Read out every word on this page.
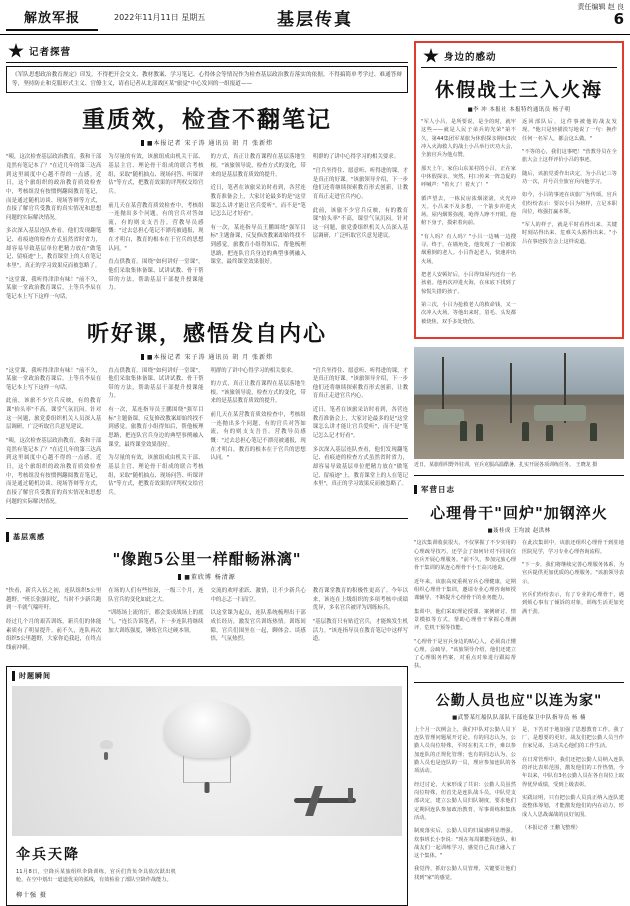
解放军报	2022年11月11日 星期五	基层传真
责任编辑 赵 良
6
记者探营
《军队思想政治教育规定》印发，不得把开会交文、教材教案、学习笔记、心得体会等情况作为检查基层政治教育落实的依据。不得搞简单考学过、难通答辩等，坚持防止和克服形式主义、官僚主义，请看记者从北部战区某"旅觉"中心发回的一组报道——
重质效，检查不翻笔记
■本报记者 宋子涛 通讯员 胡 月 张新炜

"咦，这次检查基层政治教育，我和干部竟然有笔记本了？"在近几年的第三达高到这里属度中心越不得的一点感。近日，这个旅组织的政治教育质效检查中，考核组没有按惯例翻阅教育笔记，而是通过随机访谈、现场答辩等方式，直接了解官兵受教育的真实情况和思想问题的实际解决情况。

多次深入基层连队查看，他们发现翻笔记、看痕迹的检查方式虽然省时省力，却容易导致基层单位把精力放在"做笔记、留痕迹"上，教育课堂上的人在笔记本里"，真正的学习效果反而被忽略了。

"这堂课，我听得津津有味！"前不久，某旅一堂政治教育课后，上等兵李辰在笔记本上写下这样一句话。

为尽量的有效，该旅组成由机关干部、基层主官、理论骨干组成的联合考核组，采取"随机抽点、现场问答、听课评估"等方式，把教育效果的评判权交给官兵。

前几天在某营教育质效检查中，考核组一连抛出多个问题，有的官兵对答如流，有的则支支吾吾。营教导员感慨："过去总担心笔记不漂亮被通报，现在才明白，教育的根本在于官兵的思想认同。"

直点供教育。围绕"如何讲好一堂课"，他们采取集体备课、试讲试教、骨干帮带的方法，帮助基层干部提升授课能力。

的方式，真正让教育课程在基层落地生根。"该旅领导说，检查方式的变化，带来的是基层教育质效的提升。

近日，笔者在该旅采访时看到，各营连教育准备会上，大家讨论最多的是"这堂课怎么讲才能让官兵爱听"，而不是"笔记怎么记才好看"。

有一次，某连指导员王鹏围绕"强军目标"主题备课，反复修改教案却始终找不到感觉。旅教育小组得知后，帮他梳理思路，把连队官兵身边的典型事例融入课堂，最终课堂效果很好。

明群的了讲中心得学习的相关要求。

"官兵坐得住、愿意听、听得进的课，才是真正的好课。"该旅领导介绍，下一步他们还将继续探索教育形式创新，让教育真正走进官兵内心。

此前，该旅不少官兵反映，有的教育课"抬头率"不高，课堂气氛沉闷。针对这一问题，旅党委组织机关人员深入基层调研，广泛听取官兵意见建议。

听好课，感悟发自内心
■本报记者 宋子涛 通讯员 胡 月 张新炜

"这堂课，我听得津津有味！"前不久，某旅一堂政治教育课后，上等兵李辰在笔记本上写下这样一句话。

此前，该旅不少官兵反映，有的教育课"抬头率"不高，课堂气氛沉闷。针对这一问题，旅党委组织机关人员深入基层调研，广泛听取官兵意见建议。

"咦，这次检查基层政治教育，我和干部竟然有笔记本了？"在近几年的第三达高到这里属度中心越不得的一点感。近日，这个旅组织的政治教育质效检查中，考核组没有按惯例翻阅教育笔记，而是通过随机访谈、现场答辩等方式，直接了解官兵受教育的真实情况和思想问题的实际解决情况。

直点供教育。围绕"如何讲好一堂课"，他们采取集体备课、试讲试教、骨干帮带的方法，帮助基层干部提升授课能力。

有一次，某连指导员王鹏围绕"强军目标"主题备课，反复修改教案却始终找不到感觉。旅教育小组得知后，帮他梳理思路，把连队官兵身边的典型事例融入课堂，最终课堂效果很好。

为尽量的有效，该旅组成由机关干部、基层主官、理论骨干组成的联合考核组，采取"随机抽点、现场问答、听课评估"等方式，把教育效果的评判权交给官兵。

明群的了讲中心得学习的相关要求。

的方式，真正让教育课程在基层落地生根。"该旅领导说，检查方式的变化，带来的是基层教育质效的提升。

前几天在某营教育质效检查中，考核组一连抛出多个问题，有的官兵对答如流，有的则支支吾吾。营教导员感慨："过去总担心笔记不漂亮被通报，现在才明白，教育的根本在于官兵的思想认同。"

"官兵坐得住、愿意听、听得进的课，才是真正的好课。"该旅领导介绍，下一步他们还将继续探索教育形式创新，让教育真正走进官兵内心。

近日，笔者在该旅采访时看到，各营连教育准备会上，大家讨论最多的是"这堂课怎么讲才能让官兵爱听"，而不是"笔记怎么记才好看"。

多次深入基层连队查看，他们发现翻笔记、看痕迹的检查方式虽然省时省力，却容易导致基层单位把精力放在"做笔记、留痕迹"上，教育课堂上的人在笔记本里"，真正的学习效果反而被忽略了。

基层观感
"像跑5公里一样酣畅淋漓"
■董欣博 杨清源

"快看，新兵入伍之初，连队组织5公里越野。"班长张强回忆，当时不少新兵跑到一半就气喘吁吁。

经过几个月的艰苦训练，新兵们的体能素质有了明显提升。前不久，连队再次组织5公里越野，大家你追我赶，在终点线前冲刺。

在场的人们有些惊讶，一级三个月，连队官兵的变化如此之大。

"训练场上流的汗，都会变成战场上的底气。"连长告诉笔者，下一步连队将继续加大训练强度，锤炼官兵过硬本领。

交流的欢呼雀跃、激情，让不少新兵心中的忐忑一扫而空。

以这堂课为起点，连队系统梳理出干部成长经历，激发官兵训练热情。训练间隙，官兵们围坐在一起，聊体会、谈感悟，气氛热烈。

教育课堂教育的积极性更高了。今年以来，该连在上级组织的多项考核中成绩优异，多名官兵被评为训练标兵。

"基层教育只有贴近官兵，才能焕发生机活力。"该连指导员在教育笔记中这样写道。

时题瞬间
伞兵天降
11月8日，空降兵某旅组织伞降训练，官兵们背负伞具依次跃出机舱，在空中划出一道道优美的弧线，有效检验了部队空降作战能力。
柳十强 摄
身边的感动
休假战士三入火海
■李 冲 本报社 本报特约通讯员 杨子明

"军人小吕，是所要说，是全的时，就牢这些——就是人民子弟兵的光荣"第不久，第44集团军某旅为休假探亲期间3次冲入火海救人的战士小吕举行庆功大会，全旅官兵为他点赞。

那天上午，家住山东某村的小吕，正在家中休假探亲。突然，村口传来一阵急促的呼喊声："着火了！着火了！"

循声望去，一栋民房浓烟滚滚，火光冲天。小吕来不及多想，一个箭步冲进火场。屋内烟雾弥漫，呛得人睁不开眼。他俯下身子，摸索着向前。

"有人吗？有人吗？"小吕一边喊一边搜寻。终于，在墙角处，他发现了一位被浓烟熏倒的老人。小吕背起老人，快速冲出火场。

把老人安顿好后，小吕得知屋内还有一名孩童。他再次冲进火海，在床底下找到了惊慌失措的孩子。

第三次，小吕为抢救老人的救命钱，又一次冲入火场。等他出来时，眉毛、头发都被烧焦，双手多处烧伤。

返回部队后，这件事被他的战友发现。"他只是轻描淡写地说了一句：换作任何一名军人，都会这么做。"

"不等的心，我们这事吧！"营教导员在全旅大会上这样评价小吕的事迹。

随后，该旅党委作出决定，为小吕记三等功一次，并号召全旅官兵向他学习。

如今，小吕的事迹在该旅广为传颂。官兵们纷纷表示：要以小吕为榜样，立足本职岗位，练强打赢本领。

"军人的样子，就是平时看得出来、关键时刻站得出来、危难关头豁得出来。"小吕在事迹报告会上这样说道。

近日，某旅组织野外驻训，官兵克服高温酷暑，扎实开展各项训练任务。 王晓龙 摄
军营日志
心理骨干"回炉"加钢淬火
■聂桂成 王均波 赵洪林

"这次集训收获很大，不仅掌握了不少实用的心理疏导技巧，还学会了如何针对不同岗位官兵开展心理服务。"前不久，参加完旅心理骨干集训的某连心理骨干小王高兴地说。

近年来，该旅高度重视官兵心理健康，定期组织心理骨干集训，邀请专业心理咨询师授课辅导，不断提升心理骨干的业务能力。

集训中，他们采取理论授课、案例研讨、情景模拟等方式，帮助心理骨干掌握心理测评、危机干预等技能。

"心理骨干是官兵身边的贴心人，必须真正懂心理、会疏导。"该旅领导介绍，他们还建立了心理服务档案，对重点对象进行跟踪帮扶。

在此次集训中，该旅还组织心理骨干到驻地医院见学，学习专业心理咨询流程。

"下一步，我们将继续完善心理服务体系，为官兵提供更加优质的心理服务。"该旅领导表示。

官兵们纷纷表示，有了专业的心理骨干，遇到烦心事有了倾诉的对象，训练生活更加充满干劲。

公勤人员也应"以连为家"
■武警某红船队队部队干部连保卫中队指导员 杨 楠

上个月一次例会上，我们中队对公勤人员下连队管理问题展开讨论。有的同志认为，公勤人员岗位特殊，平时在机关工作，难以参加连队的正规化管理；也有的同志认为，公勤人员也是连队的一员，理应参加连队的各项活动。

经过讨论，大家形成了共识：公勤人员虽然岗位特殊，但首先是连队战斗员。中队党支部决定，建立公勤人员归队制度，要求他们定期回连队参加政治教育、军事训练和集体活动。

制度落实后，公勤人员的归属感明显增强。炊事班长小李说："现在每周都能回连队，和战友们一起训练学习，感觉自己真正融入了这个集体。"

我觉得，抓好公勤人员管理，关键要让他们找到"家"的感觉。

是，下苦对于地加强了思想教育工作。我了厂，是想要的更好。战友们把公勤人员当作自家兄弟，主动关心他们的工作生活。

在日常管理中，我们还把公勤人员纳入连队的评比表彰范围，激发他们的工作热情。今年以来，中队有3名公勤人员在各自岗位上取得优异成绩，受到上级表彰。

实践证明，只有把公勤人员真正纳入连队建设整体筹划，才能激发他们的内在动力，形成人人思战谋战的良好氛围。

（本报记者 王鹏飞整理）
